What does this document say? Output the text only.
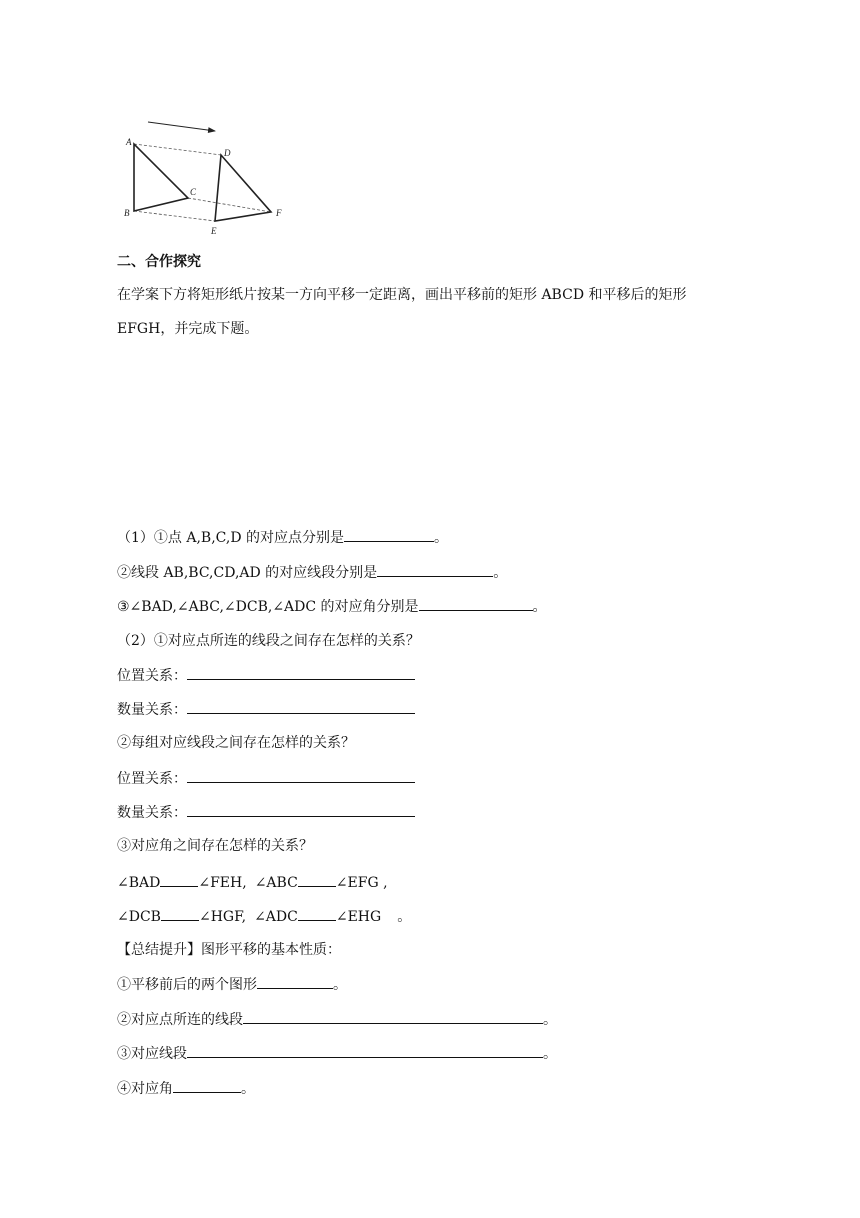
A
B
C
D
E
F
二、合作探究
在学案下方将矩形纸片按某一方向平移一定距离，画出平移前的矩形 ABCD 和平移后的矩形
EFGH，并完成下题。
（1）①点 A,B,C,D 的对应点分别是	。
②线段 AB,BC,CD,AD 的对应线段分别是	。
③∠BAD,∠ABC,∠DCB,∠ADC 的对应角分别是	。
（2）①对应点所连的线段之间存在怎样的关系？
位置关系：
数量关系：
②每组对应线段之间存在怎样的关系？
位置关系：
数量关系：
③对应角之间存在怎样的关系？
∠BAD	∠FEH, ∠ABC	∠EFG ,
∠DCB	∠HGF, ∠ADC	∠EHG 。
【总结提升】图形平移的基本性质：
①平移前后的两个图形	。
②对应点所连的线段	。
③对应线段	。
④对应角	。
